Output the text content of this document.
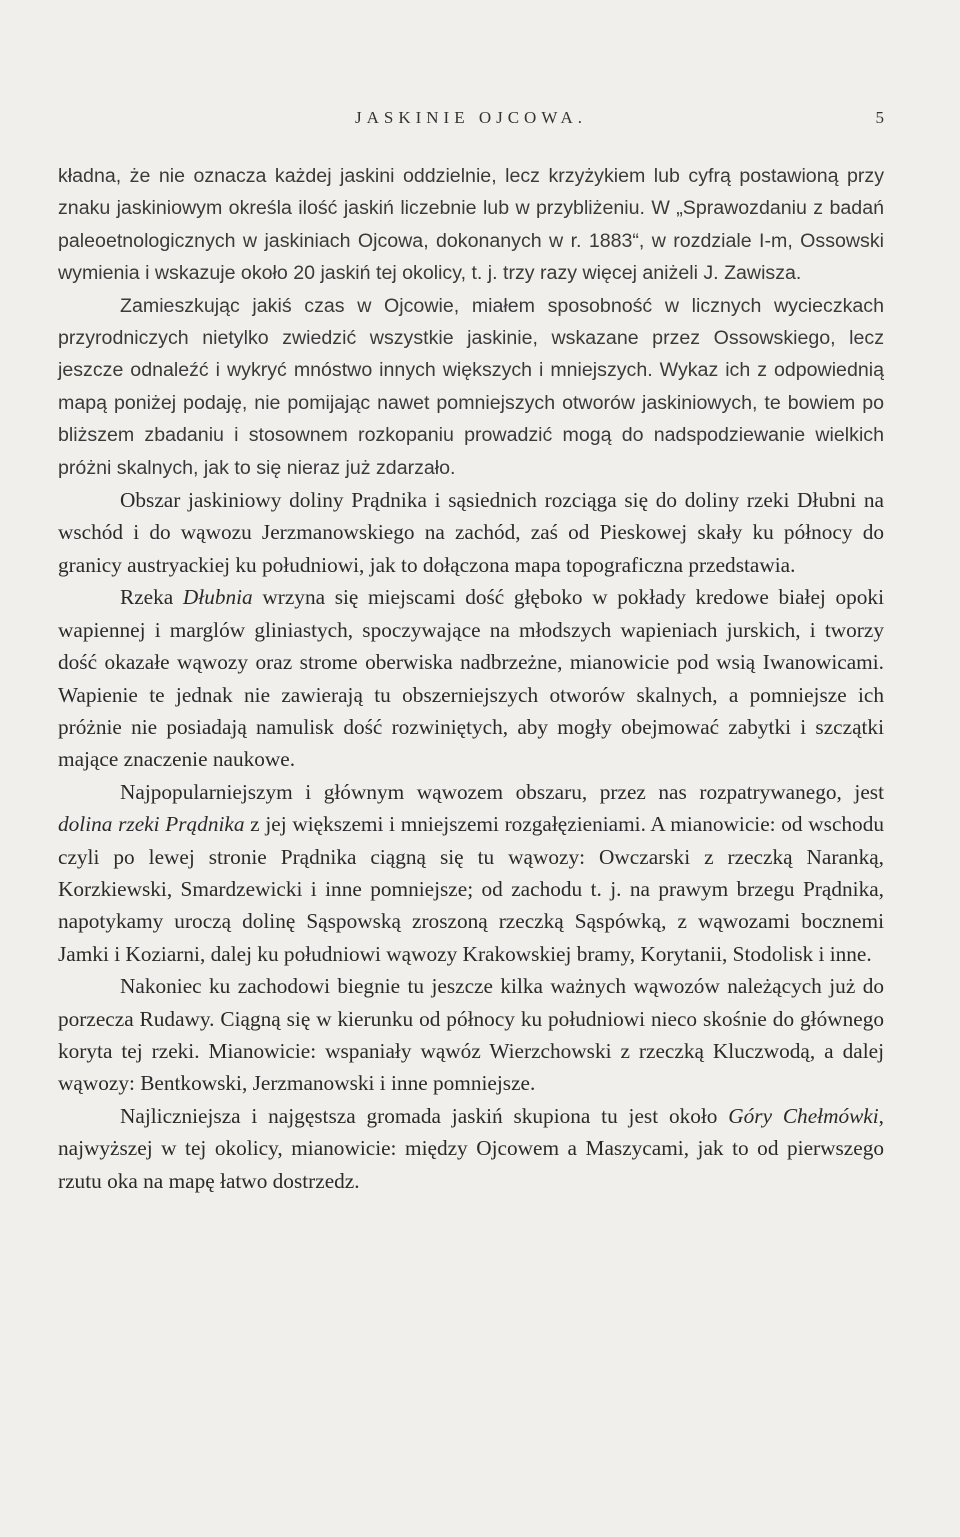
JASKINIE OJCOWA.	5

kładna, że nie oznacza każdej jaskini oddzielnie, lecz krzyżykiem lub cyfrą postawioną przy znaku jaskiniowym określa ilość jaskiń liczebnie lub w przybliżeniu. W „Sprawozdaniu z badań paleoetnologicznych w jaskiniach Ojcowa, dokonanych w r. 1883“, w rozdziale I-m, Ossowski wymienia i wskazuje około 20 jaskiń tej okolicy, t. j. trzy razy więcej aniżeli J. Zawisza.

Zamieszkując jakiś czas w Ojcowie, miałem sposobność w licznych wycieczkach przyrodniczych nietylko zwiedzić wszystkie jaskinie, wskazane przez Ossowskiego, lecz jeszcze odnaleźć i wykryć mnóstwo innych większych i mniejszych. Wykaz ich z odpowiednią mapą poniżej podaję, nie pomijając nawet pomniejszych otworów jaskiniowych, te bowiem po bliższem zbadaniu i stosownem rozkopaniu prowadzić mogą do nadspodziewanie wielkich próżni skalnych, jak to się nieraz już zdarzało.

Obszar jaskiniowy doliny Prądnika i sąsiednich rozciąga się do doliny rzeki Dłubni na wschód i do wąwozu Jerzmanowskiego na zachód, zaś od Pieskowej skały ku północy do granicy austryackiej ku południowi, jak to dołączona mapa topograficzna przedstawia.

Rzeka Dłubnia wrzyna się miejscami dość głęboko w pokłady kredowe białej opoki wapiennej i marglów gliniastych, spoczywające na młodszych wapieniach jurskich, i tworzy dość okazałe wąwozy oraz strome oberwiska nadbrzeżne, mianowicie pod wsią Iwanowicami. Wapienie te jednak nie zawierają tu obszerniejszych otworów skalnych, a pomniejsze ich próżnie nie posiadają namulisk dość rozwiniętych, aby mogły obejmować zabytki i szczątki mające znaczenie naukowe.

Najpopularniejszym i głównym wąwozem obszaru, przez nas rozpatrywanego, jest dolina rzeki Prądnika z jej większemi i mniejszemi rozgałęzieniami. A mianowicie: od wschodu czyli po lewej stronie Prądnika ciągną się tu wąwozy: Owczarski z rzeczką Naranką, Korzkiewski, Smardzewicki i inne pomniejsze; od zachodu t. j. na prawym brzegu Prądnika, napotykamy uroczą dolinę Sąspowską zroszoną rzeczką Sąspówką, z wąwozami bocznemi Jamki i Koziarni, dalej ku południowi wąwozy Krakowskiej bramy, Korytanii, Stodolisk i inne.

Nakoniec ku zachodowi biegnie tu jeszcze kilka ważnych wąwozów należących już do porzecza Rudawy. Ciągną się w kierunku od północy ku południowi nieco skośnie do głównego koryta tej rzeki. Mianowicie: wspaniały wąwóz Wierzchowski z rzeczką Kluczwodą, a dalej wąwozy: Bentkowski, Jerzmanowski i inne pomniejsze.

Najliczniejsza i najgęstsza gromada jaskiń skupiona tu jest około Góry Chełmówki, najwyższej w tej okolicy, mianowicie: między Ojcowem a Maszycami, jak to od pierwszego rzutu oka na mapę łatwo dostrzedz.
